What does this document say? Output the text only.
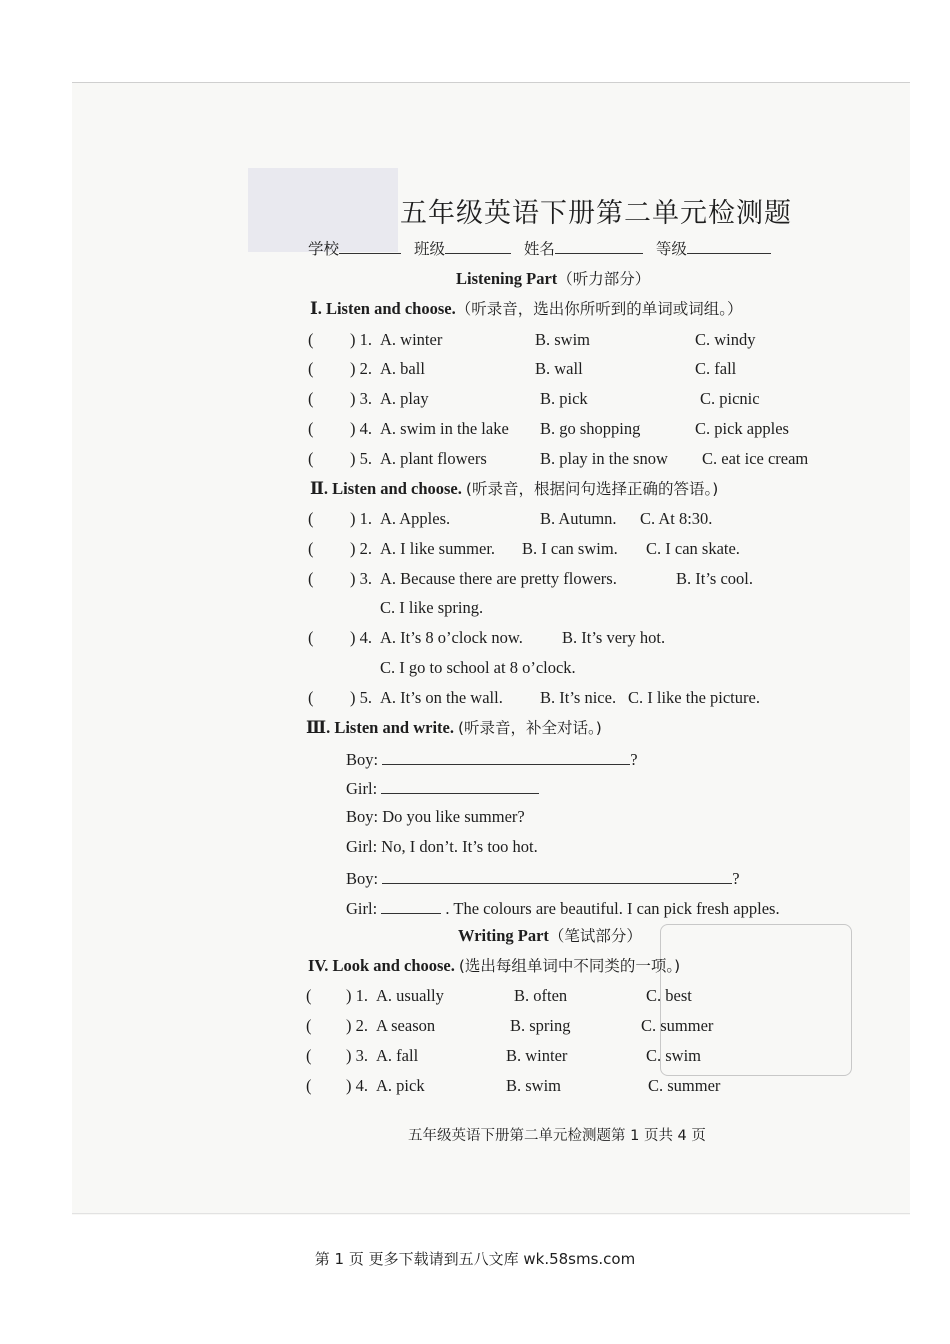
五年级英语下册第二单元检测题
学校	班级	姓名	等级
Listening Part（听力部分）
Ⅰ. Listen and choose.（听录音，选出你所听到的单词或词组。）
( ) 1. A. winter	B. swim	C. windy
( ) 2. A. ball	B. wall	C. fall
( ) 3. A. play	B. pick	C. picnic
( ) 4. A. swim in the lake B. go shopping	C. pick apples
( ) 5. A. plant flowers	B. play in the snow C. eat ice cream
Ⅱ. Listen and choose. (听录音，根据问句选择正确的答语。)
( ) 1. A. Apples.	B. Autumn. C. At 8:30.
( ) 2. A. I like summer. B. I can swim. C. I can skate.
( ) 3. A. Because there are pretty flowers.	B. It’s cool.
C. I like spring.
( ) 4. A. It’s 8 o’clock now. B. It’s very hot.
C. I go to school at 8 o’clock.
( ) 5. A. It’s on the wall. B. It’s nice. C. I like the picture.
Ⅲ. Listen and write. (听录音，补全对话。)
Boy:	?
Girl:
Boy: Do you like summer?
Girl: No, I don’t. It’s too hot.
Boy:	?
Girl:	. The colours are beautiful. I can pick fresh apples.
Writing Part（笔试部分）
IV. Look and choose. (选出每组单词中不同类的一项。)
( ) 1. A. usually	B. often	C. best
( ) 2. A season	B. spring	C. summer
( ) 3. A. fall	B. winter	C. swim
( ) 4. A. pick	B. swim	C. summer
五年级英语下册第二单元检测题第 1 页共 4 页
第 1 页 更多下载请到五八文库 wk.58sms.com
